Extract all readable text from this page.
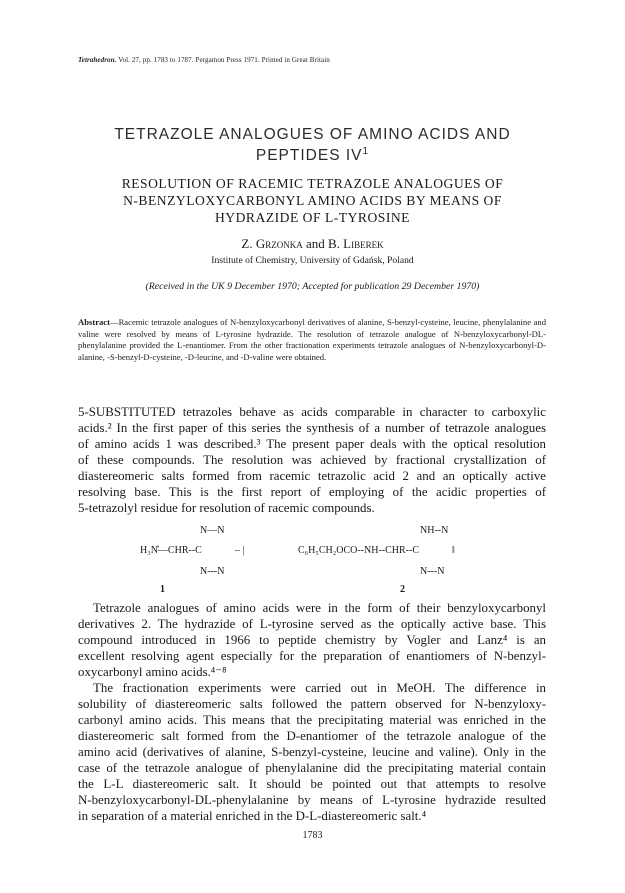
Tetrahedron. Vol. 27, pp. 1783 to 1787. Pergamon Press 1971. Printed in Great Britain
TETRAZOLE ANALOGUES OF AMINO ACIDS AND
PEPTIDES $IV^1$
RESOLUTION OF RACEMIC TETRAZOLE ANALOGUES OF
N-BENZYLOXYCARBONYL AMINO ACIDS BY MEANS OF
HYDRAZIDE OF L-TYROSINE
Z. Grzonka and B. Liberek
Institute of Chemistry, University of Gdańsk, Poland
(Received in the UK 9 December 1970; Accepted for publication 29 December 1970)
Abstract—Racemic tetrazole analogues of N-benzyloxycarbonyl derivatives of alanine, S-benzyl-cysteine, leucine, phenylalanine and valine were resolved by means of L-tyrosine hydrazide. The resolution of tetrazole analogue of N-benzyloxycarbonyl-DL-phenylalanine provided the L-enantiomer. From the other fractionation experiments tetrazole analogues of N-benzyloxycarbonyl-D-alanine, -S-benzyl-D-cysteine, -D-leucine, and -D-valine were obtained.
5-SUBSTITUTED tetrazoles behave as acids comparable in character to carboxylic
acids.² In the first paper of this series the synthesis of a number of tetrazole analogues
of amino acids 1 was described.³ The present paper deals with the optical resolution
of these compounds. The resolution was achieved by fractional crystallization of
diastereomeric salts formed from racemic tetrazolic acid 2 and an optically active
resolving base. This is the first report of employing of the acidic properties of
5-tetrazolyl residue for resolution of racemic compounds.
N—N
H₃N̊—CHR--C	– |
N---N
1
NH--N
C₆H₅CH₂OCO--NH--CHR--C	‖
N---N
2
Tetrazole analogues of amino acids were in the form of their benzyloxycarbonyl
derivatives 2. The hydrazide of L-tyrosine served as the optically active base. This
compound introduced in 1966 to peptide chemistry by Vogler and Lanz⁴ is an
excellent resolving agent especially for the preparation of enantiomers of N-benzyl-
oxycarbonyl amino acids.⁴⁻⁸
The fractionation experiments were carried out in MeOH. The difference in
solubility of diastereomeric salts followed the pattern observed for N-benzyloxy-
carbonyl amino acids. This means that the precipitating material was enriched in the
diastereomeric salt formed from the D-enantiomer of the tetrazole analogue of the
amino acid (derivatives of alanine, S-benzyl-cysteine, leucine and valine). Only in the
case of the tetrazole analogue of phenylalanine did the precipitating material contain
the L-L diastereomeric salt. It should be pointed out that attempts to resolve
N-benzyloxycarbonyl-DL-phenylalanine by means of L-tyrosine hydrazide resulted
in separation of a material enriched in the D-L-diastereomeric salt.⁴
1783
